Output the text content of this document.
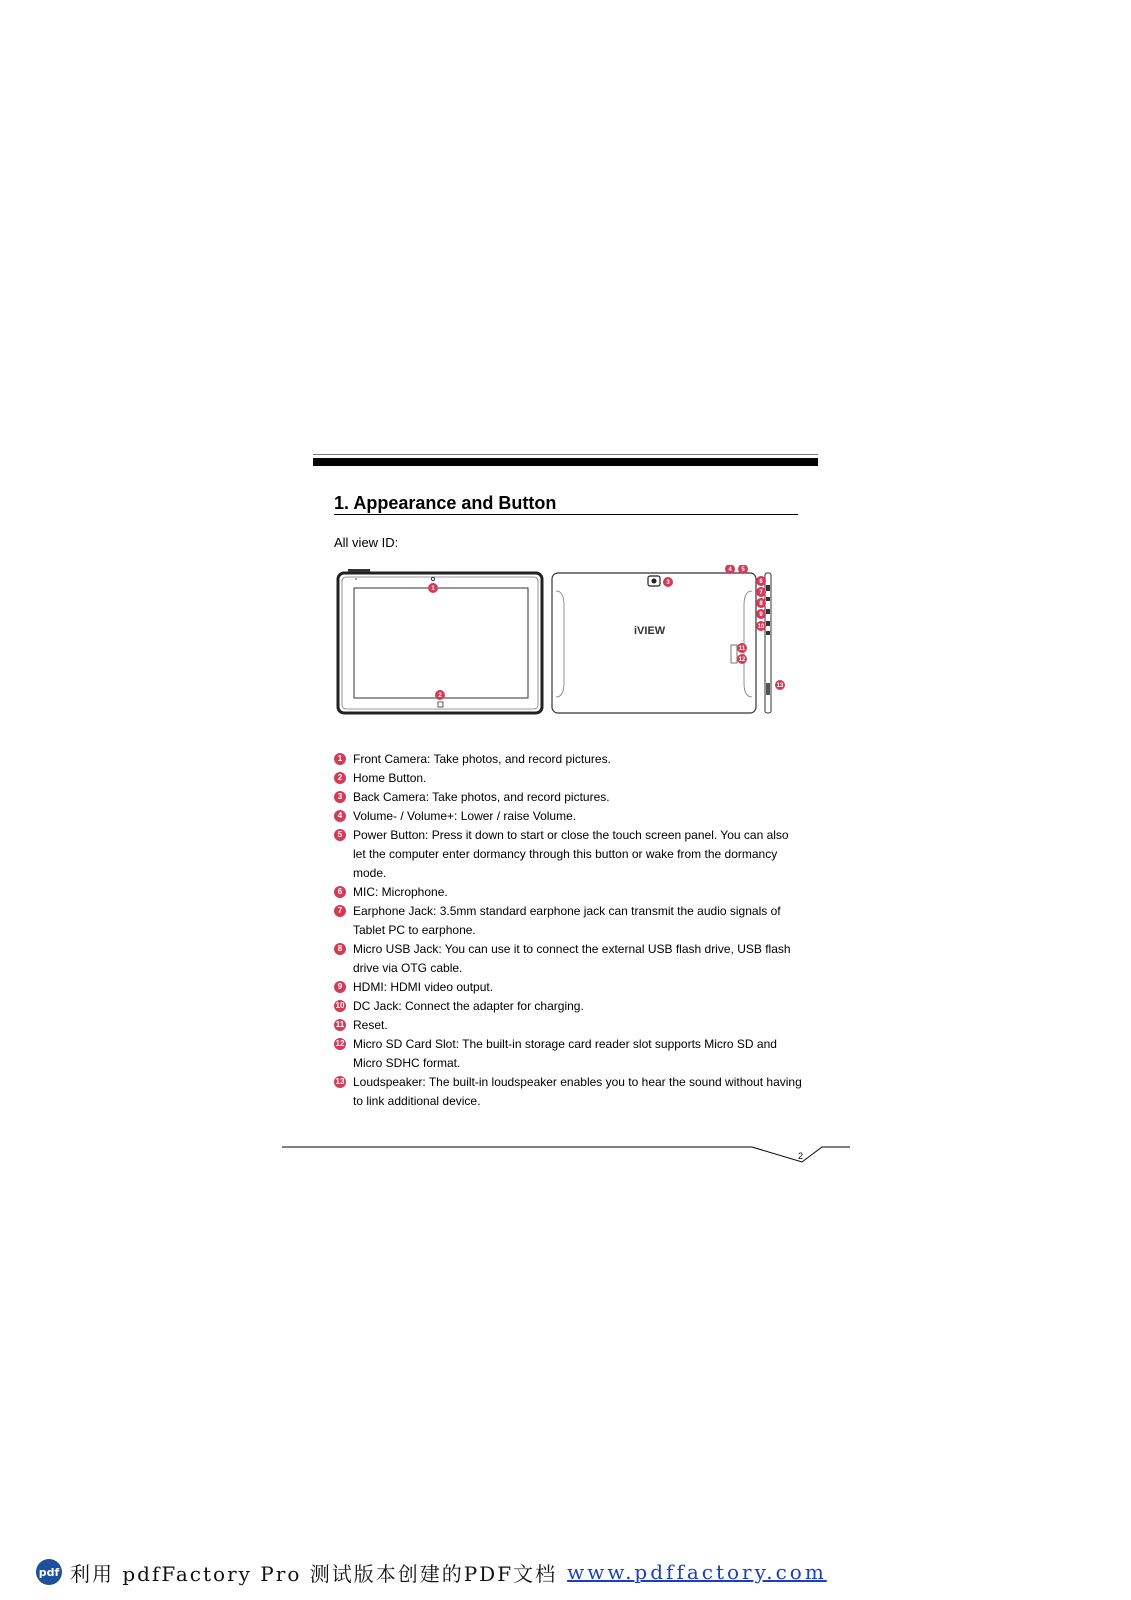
1. Appearance and Button
All view ID:
iVIEW
1
2
3
4 5
6
7
8
9
10
11
12
13
1 Front Camera: Take photos, and record pictures.
2 Home Button.
3 Back Camera: Take photos, and record pictures.
4 Volume- / Volume+: Lower / raise Volume.
5 Power Button: Press it down to start or close the touch screen panel. You can also let the computer enter dormancy through this button or wake from the dormancy mode.
6 MIC: Microphone.
7 Earphone Jack: 3.5mm standard earphone jack can transmit the audio signals of Tablet PC to earphone.
8 Micro USB Jack: You can use it to connect the external USB flash drive, USB flash drive via OTG cable.
9 HDMI: HDMI video output.
10 DC Jack: Connect the adapter for charging.
11 Reset.
12 Micro SD Card Slot: The built-in storage card reader slot supports Micro SD and Micro SDHC format.
13 Loudspeaker: The built-in loudspeaker enables you to hear the sound without having to link additional device.
2
pdf 利用 pdfFactory Pro 测试版本创建的PDF文档 www.pdffactory.com
